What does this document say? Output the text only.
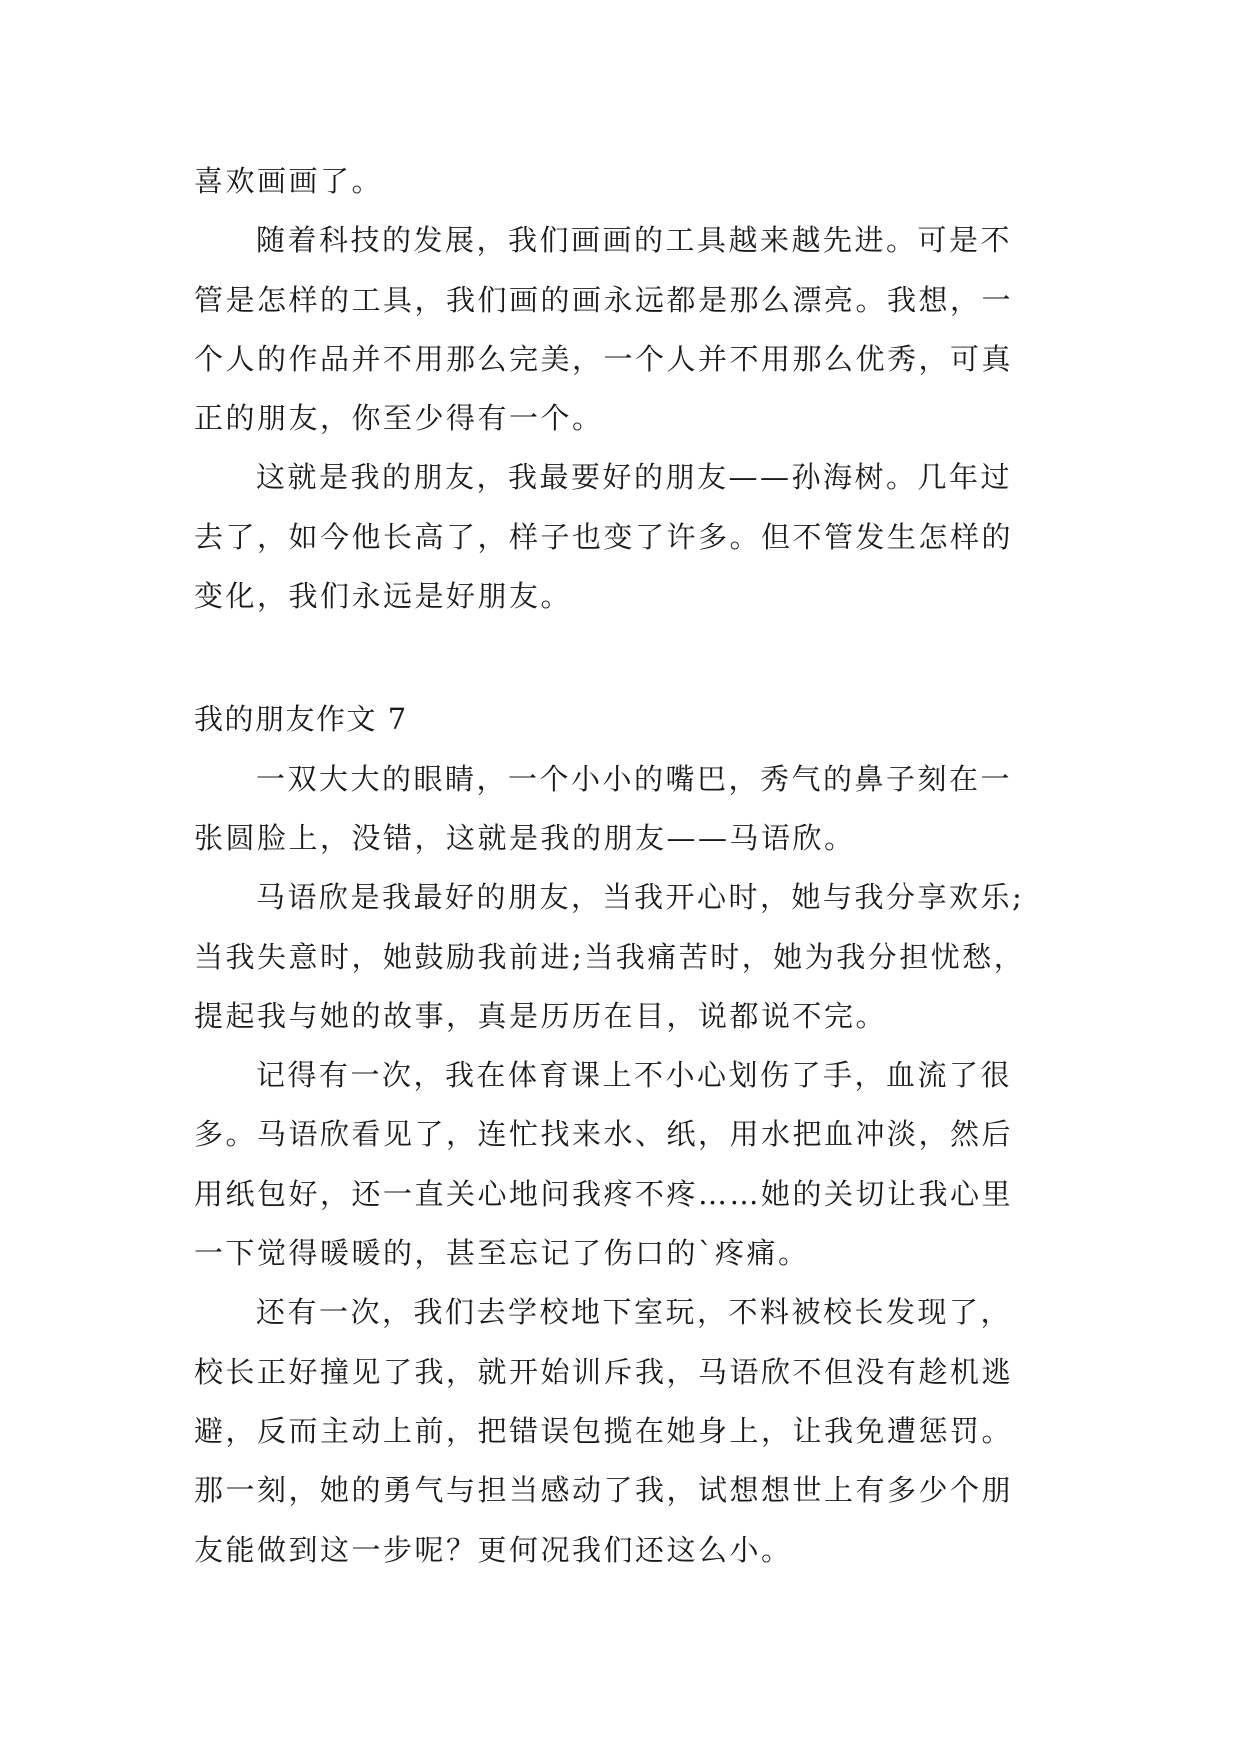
喜欢画画了。
随着科技的发展，我们画画的工具越来越先进。可是不
管是怎样的工具，我们画的画永远都是那么漂亮。我想，一
个人的作品并不用那么完美，一个人并不用那么优秀，可真
正的朋友，你至少得有一个。
这就是我的朋友，我最要好的朋友——孙海树。几年过
去了，如今他长高了，样子也变了许多。但不管发生怎样的
变化，我们永远是好朋友。
我的朋友作文 7
一双大大的眼睛，一个小小的嘴巴，秀气的鼻子刻在一
张圆脸上，没错，这就是我的朋友——马语欣。
马语欣是我最好的朋友，当我开心时，她与我分享欢乐;
当我失意时，她鼓励我前进;当我痛苦时，她为我分担忧愁，
提起我与她的故事，真是历历在目，说都说不完。
记得有一次，我在体育课上不小心划伤了手，血流了很
多。马语欣看见了，连忙找来水、纸，用水把血冲淡，然后
用纸包好，还一直关心地问我疼不疼……她的关切让我心里
一下觉得暖暖的，甚至忘记了伤口的`疼痛。
还有一次，我们去学校地下室玩，不料被校长发现了，
校长正好撞见了我，就开始训斥我，马语欣不但没有趁机逃
避，反而主动上前，把错误包揽在她身上，让我免遭惩罚。
那一刻，她的勇气与担当感动了我，试想想世上有多少个朋
友能做到这一步呢？更何况我们还这么小。
